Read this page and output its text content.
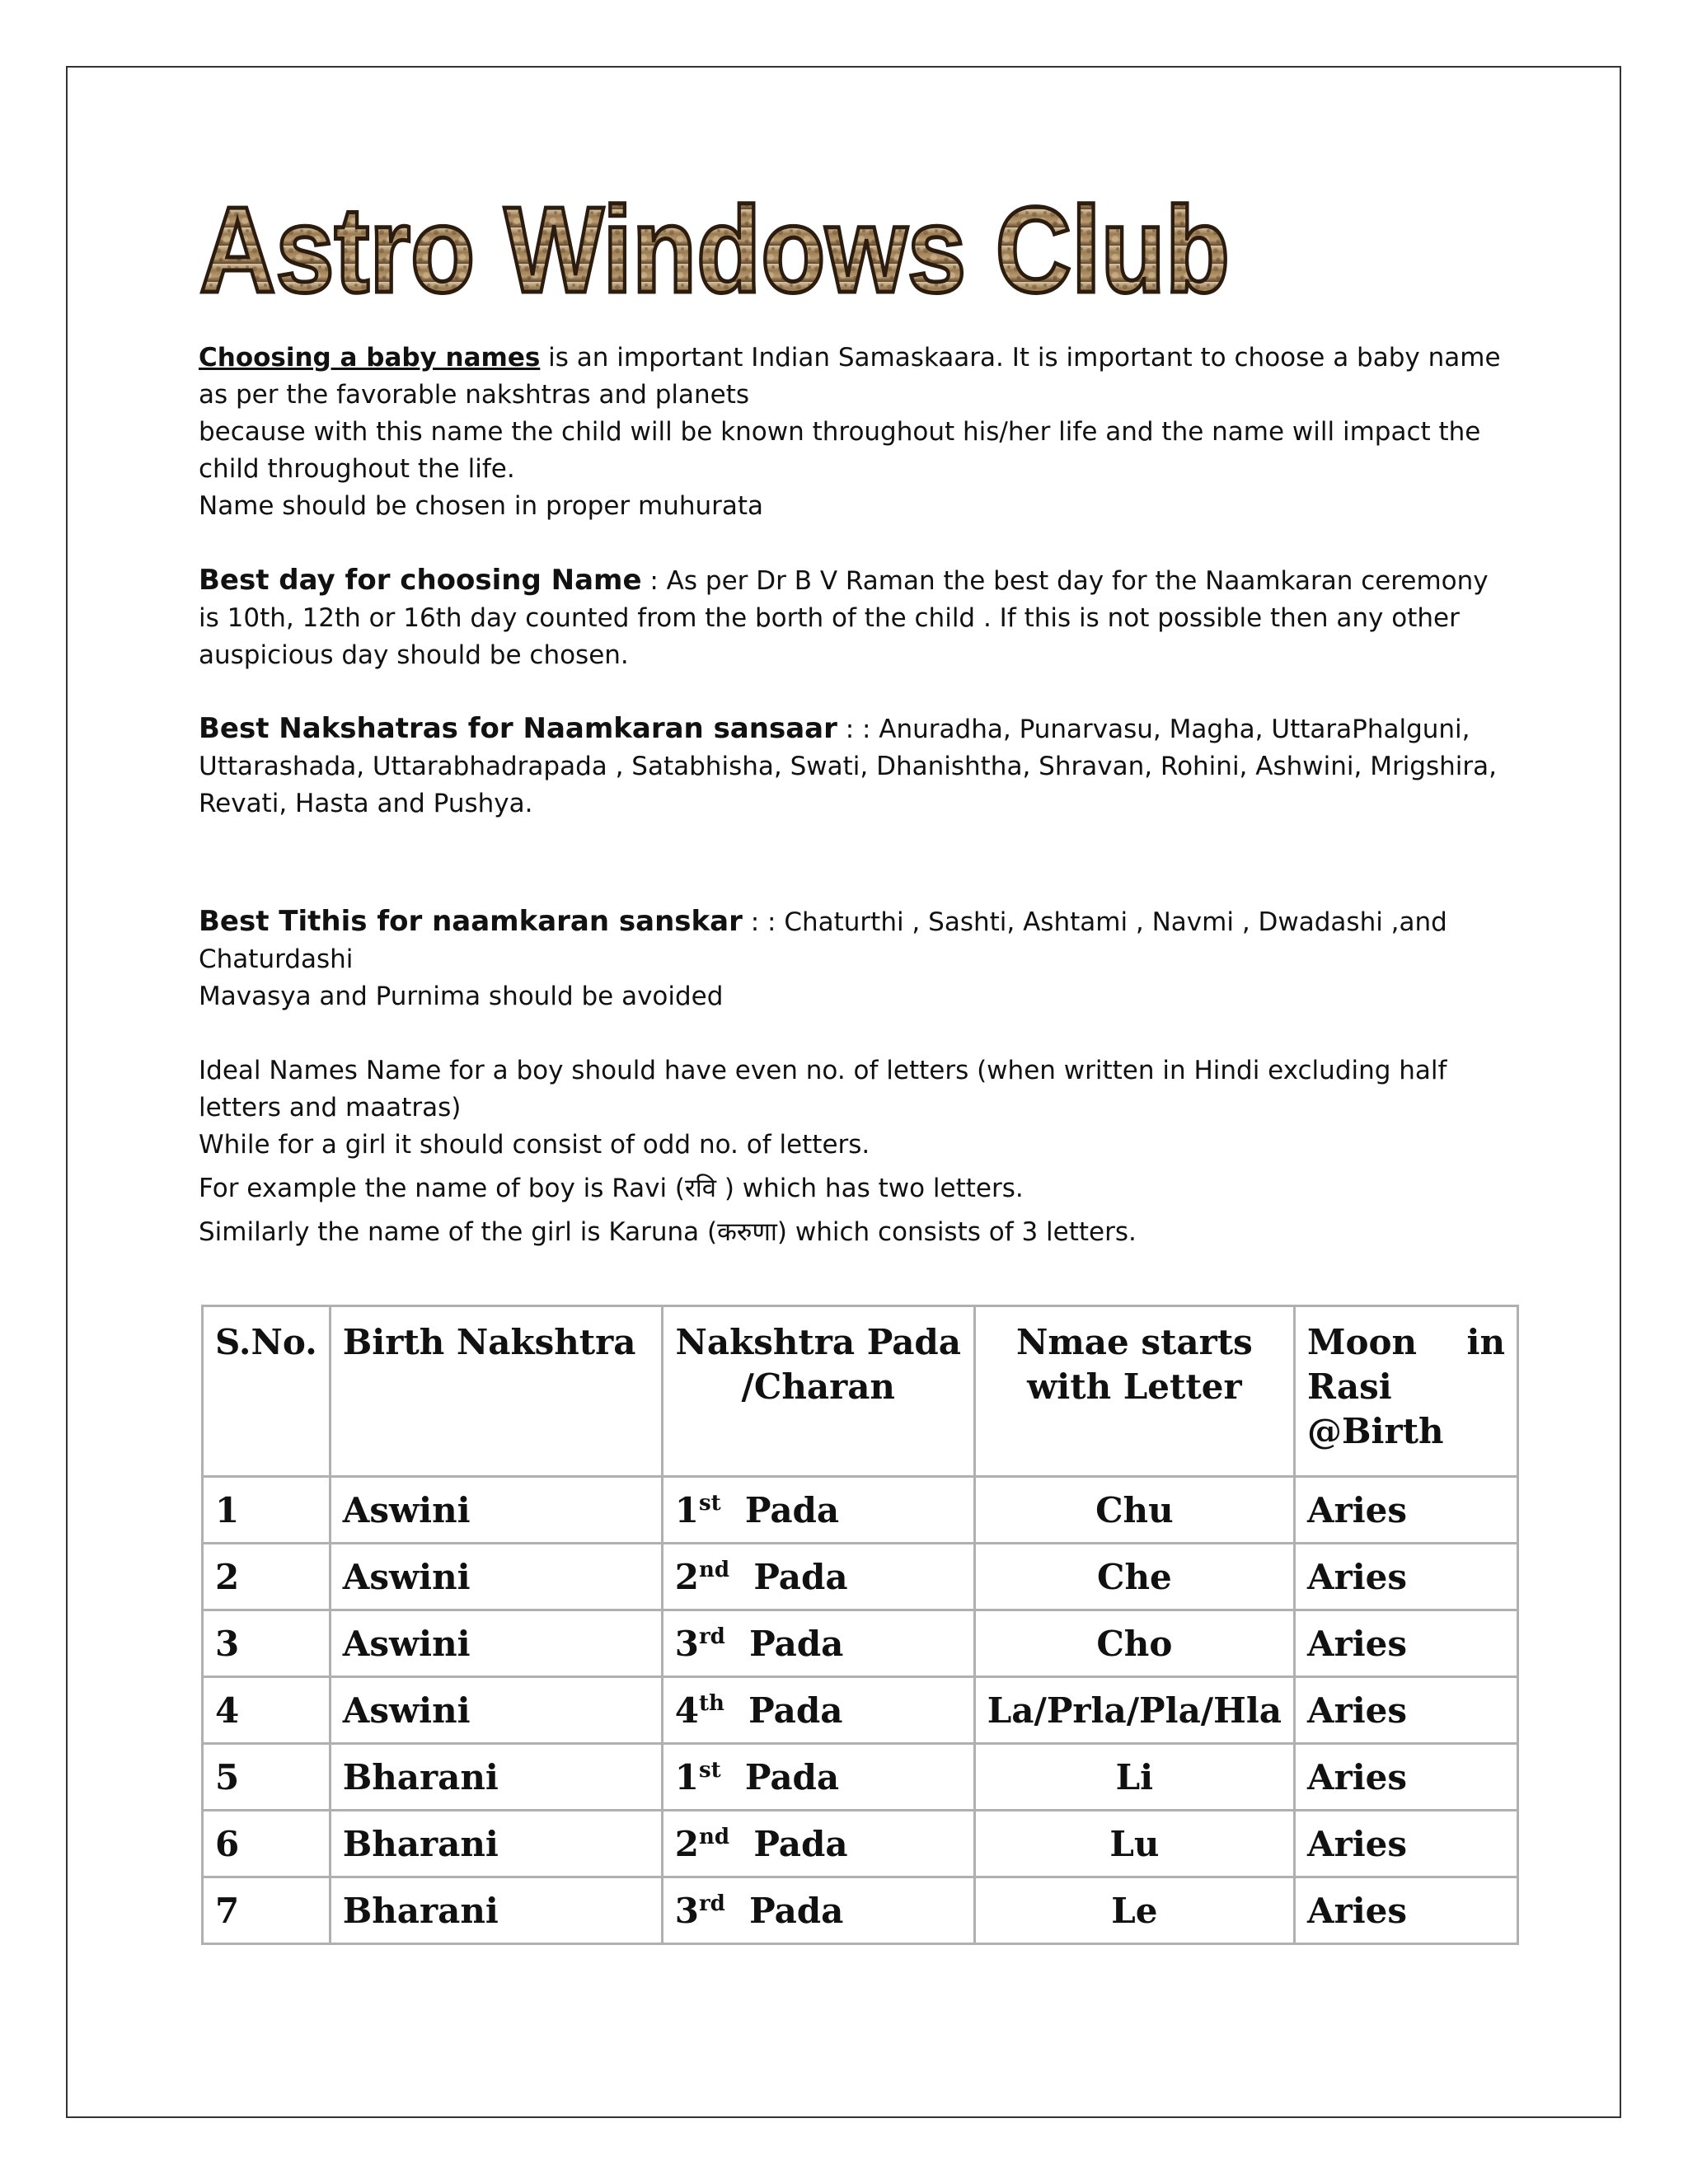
Astro Windows Club

Choosing a baby names is an important Indian Samaskaara. It is important to choose a baby name as per the favorable nakshtras and planets

because with this name the child will be known throughout his/her life and the name will impact the child throughout the life.

Name should be chosen in proper muhurata

Best day for choosing Name : As per Dr B V Raman the best day for the Naamkaran ceremony is 10th, 12th or 16th day counted from the borth of the child . If this is not possible then any other auspicious day should be chosen.

Best Nakshatras for Naamkaran sansaar : : Anuradha, Punarvasu, Magha, UttaraPhalguni, Uttarashada, Uttarabhadrapada , Satabhisha, Swati, Dhanishtha, Shravan, Rohini, Ashwini, Mrigshira, Revati, Hasta and Pushya.

Best Tithis for naamkaran sanskar : : Chaturthi , Sashti, Ashtami , Navmi , Dwadashi ,and Chaturdashi

Mavasya and Purnima should be avoided

Ideal Names Name for a boy should have even no. of letters (when written in Hindi excluding half letters and maatras)

While for a girl it should consist of odd no. of letters.

For example the name of boy is Ravi (रवि ) which has two letters.

Similarly the name of the girl is Karuna (करुणा) which consists of 3 letters.

S.No.	Birth Nakshtra	Nakshtra Pada /Charan	Nmae starts with Letter	Moon in
Rasi @Birth

1	Aswini	1st Pada	Chu	Aries
2	Aswini	2nd Pada	Che	Aries
3	Aswini	3rd Pada	Cho	Aries
4	Aswini	4th Pada	La/Prla/Pla/Hla	Aries
5	Bharani	1st Pada	Li	Aries
6	Bharani	2nd Pada	Lu	Aries
7	Bharani	3rd Pada	Le	Aries
